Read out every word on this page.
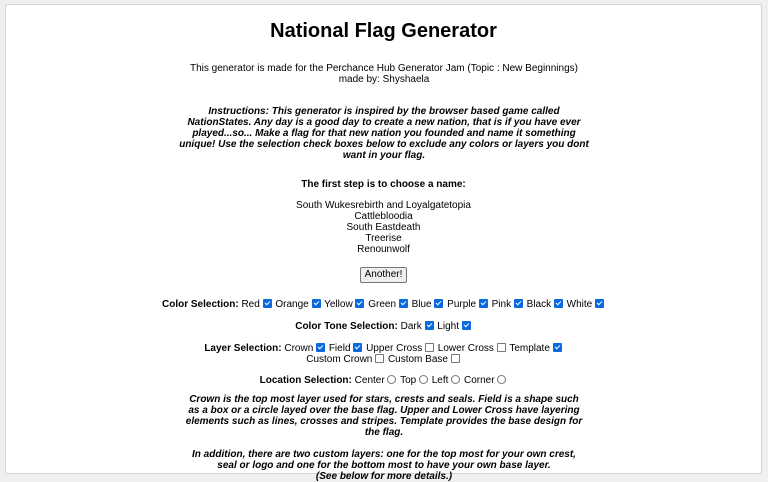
National Flag Generator
This generator is made for the Perchance Hub Generator Jam (Topic : New Beginnings) made by: Shyshaela
Instructions: This generator is inspired by the browser based game called NationStates. Any day is a good day to create a new nation, that is if you have ever played...so... Make a flag for that new nation you founded and name it something unique! Use the selection check boxes below to exclude any colors or layers you dont want in your flag.
The first step is to choose a name:
South Wukesrebirth and Loyalgatetopia
Cattlebloodia
South Eastdeath
Treerise
Renounwolf
Another!
Color Selection: Red Orange Yellow Green Blue Purple Pink Black White
Color Tone Selection: Dark Light
Layer Selection: Crown Field Upper Cross Lower Cross Template
Custom Crown Custom Base
Location Selection: Center Top Left Corner

Crown is the top most layer used for stars, crests and seals. Field is a shape such as a box or a circle layed over the base flag. Upper and Lower Cross have layering elements such as lines, crosses and stripes. Template provides the base design for the flag.

In addition, there are two custom layers: one for the top most for your own crest, seal or logo and one for the bottom most to have your own base layer.
(See below for more details.)
